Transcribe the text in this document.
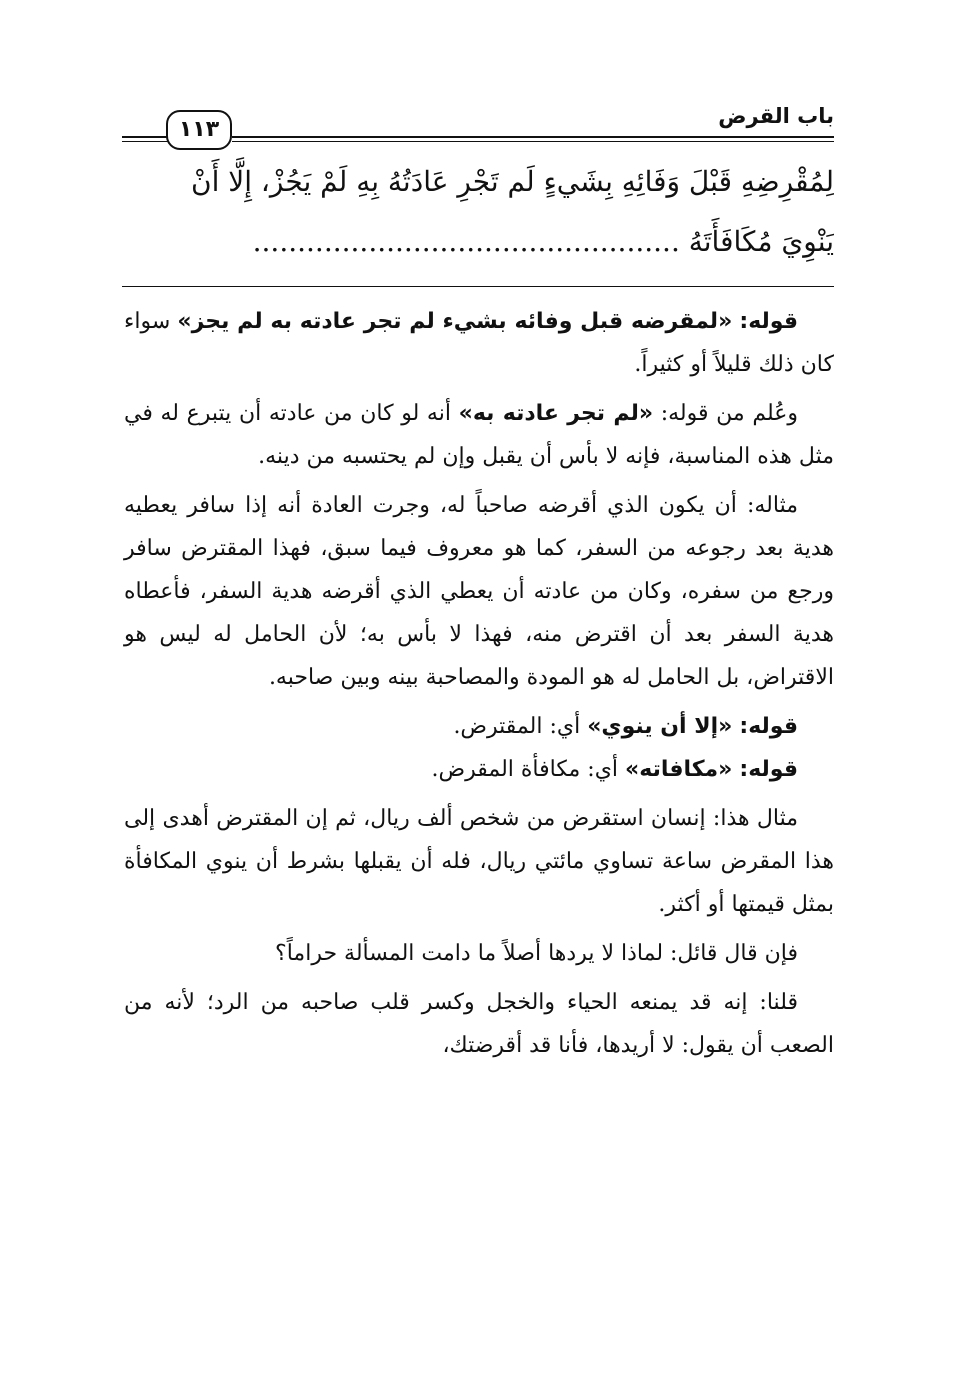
باب القرض
١١٣
لِمُقْرِضِهِ قَبْلَ وَفَائِهِ بِشَيءٍ لَم تَجْرِ عَادَتُهُ بِهِ لَمْ يَجُزْ، إِلَّا أَنْ
يَنْوِيَ مُكَافَأَتَهُ ................................................

قوله: «لمقرضه قبل وفائه بشيء لم تجر عادته به لم يجز» سواء كان ذلك قليلاً أو كثيراً.

وعُلم من قوله: «لم تجر عادته به» أنه لو كان من عادته أن يتبرع له في مثل هذه المناسبة، فإنه لا بأس أن يقبل وإن لم يحتسبه من دينه.

مثاله: أن يكون الذي أقرضه صاحباً له، وجرت العادة أنه إذا سافر يعطيه هدية بعد رجوعه من السفر، كما هو معروف فيما سبق، فهذا المقترض سافر ورجع من سفره، وكان من عادته أن يعطي الذي أقرضه هدية السفر، فأعطاه هدية السفر بعد أن اقترض منه، فهذا لا بأس به؛ لأن الحامل له ليس هو الاقتراض، بل الحامل له هو المودة والمصاحبة بينه وبين صاحبه.

قوله: «إلا أن ينوي» أي: المقترض.

قوله: «مكافاته» أي: مكافأة المقرض.

مثال هذا: إنسان استقرض من شخص ألف ريال، ثم إن المقترض أهدى إلى هذا المقرض ساعة تساوي مائتي ريال، فله أن يقبلها بشرط أن ينوي المكافأة بمثل قيمتها أو أكثر.

فإن قال قائل: لماذا لا يردها أصلاً ما دامت المسألة حراماً؟

قلنا: إنه قد يمنعه الحياء والخجل وكسر قلب صاحبه من الرد؛ لأنه من الصعب أن يقول: لا أريدها، فأنا قد أقرضتك،
